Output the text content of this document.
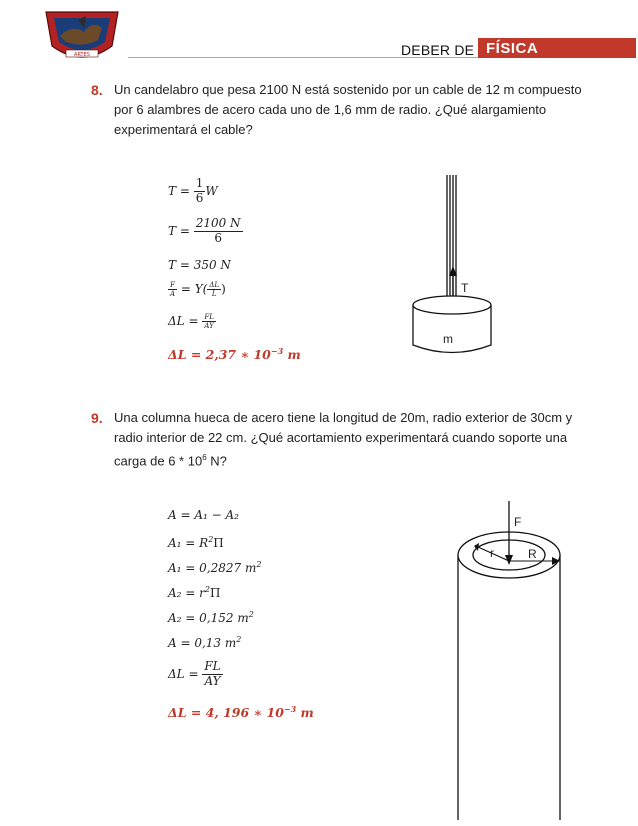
ARTES	DEBER DE FÍSICA
8. Un candelabro que pesa 2100 N está sostenido por un cable de 12 m compuesto
por 6 alambres de acero cada uno de 1,6 mm de radio. ¿Qué alargamiento
experimentará el cable?
$T = \frac{1}{6}$ W
$T = \frac{2100 N}{6}$
T = 350 N
$\frac{F}{A} = Y( \frac{\Delta L}{L}$ )
$\Delta L = \frac{FL}{AY}$
ΔL = 2,37 ∗ $10^{-3}$ m
T
m
9. Una columna hueca de acero tiene la longitud de 20m, radio exterior de 30cm y
radio interior de 22 cm. ¿Qué acortamiento experimentará cuando soporte una
carga de $6 * 10^6$ N?
A = A₁ − A₂
$A_1 = R^2\Pi$
A₁ = 0,2827 $m^2$
$A_2 = r^2\Pi$
A₂ = 0,152 $m^2$
A = 0,13 $m^2$
$\Delta L = \frac{FL}{AY}$
ΔL = 4, 196 ∗ $10^{-3}$ m
F
r	R
